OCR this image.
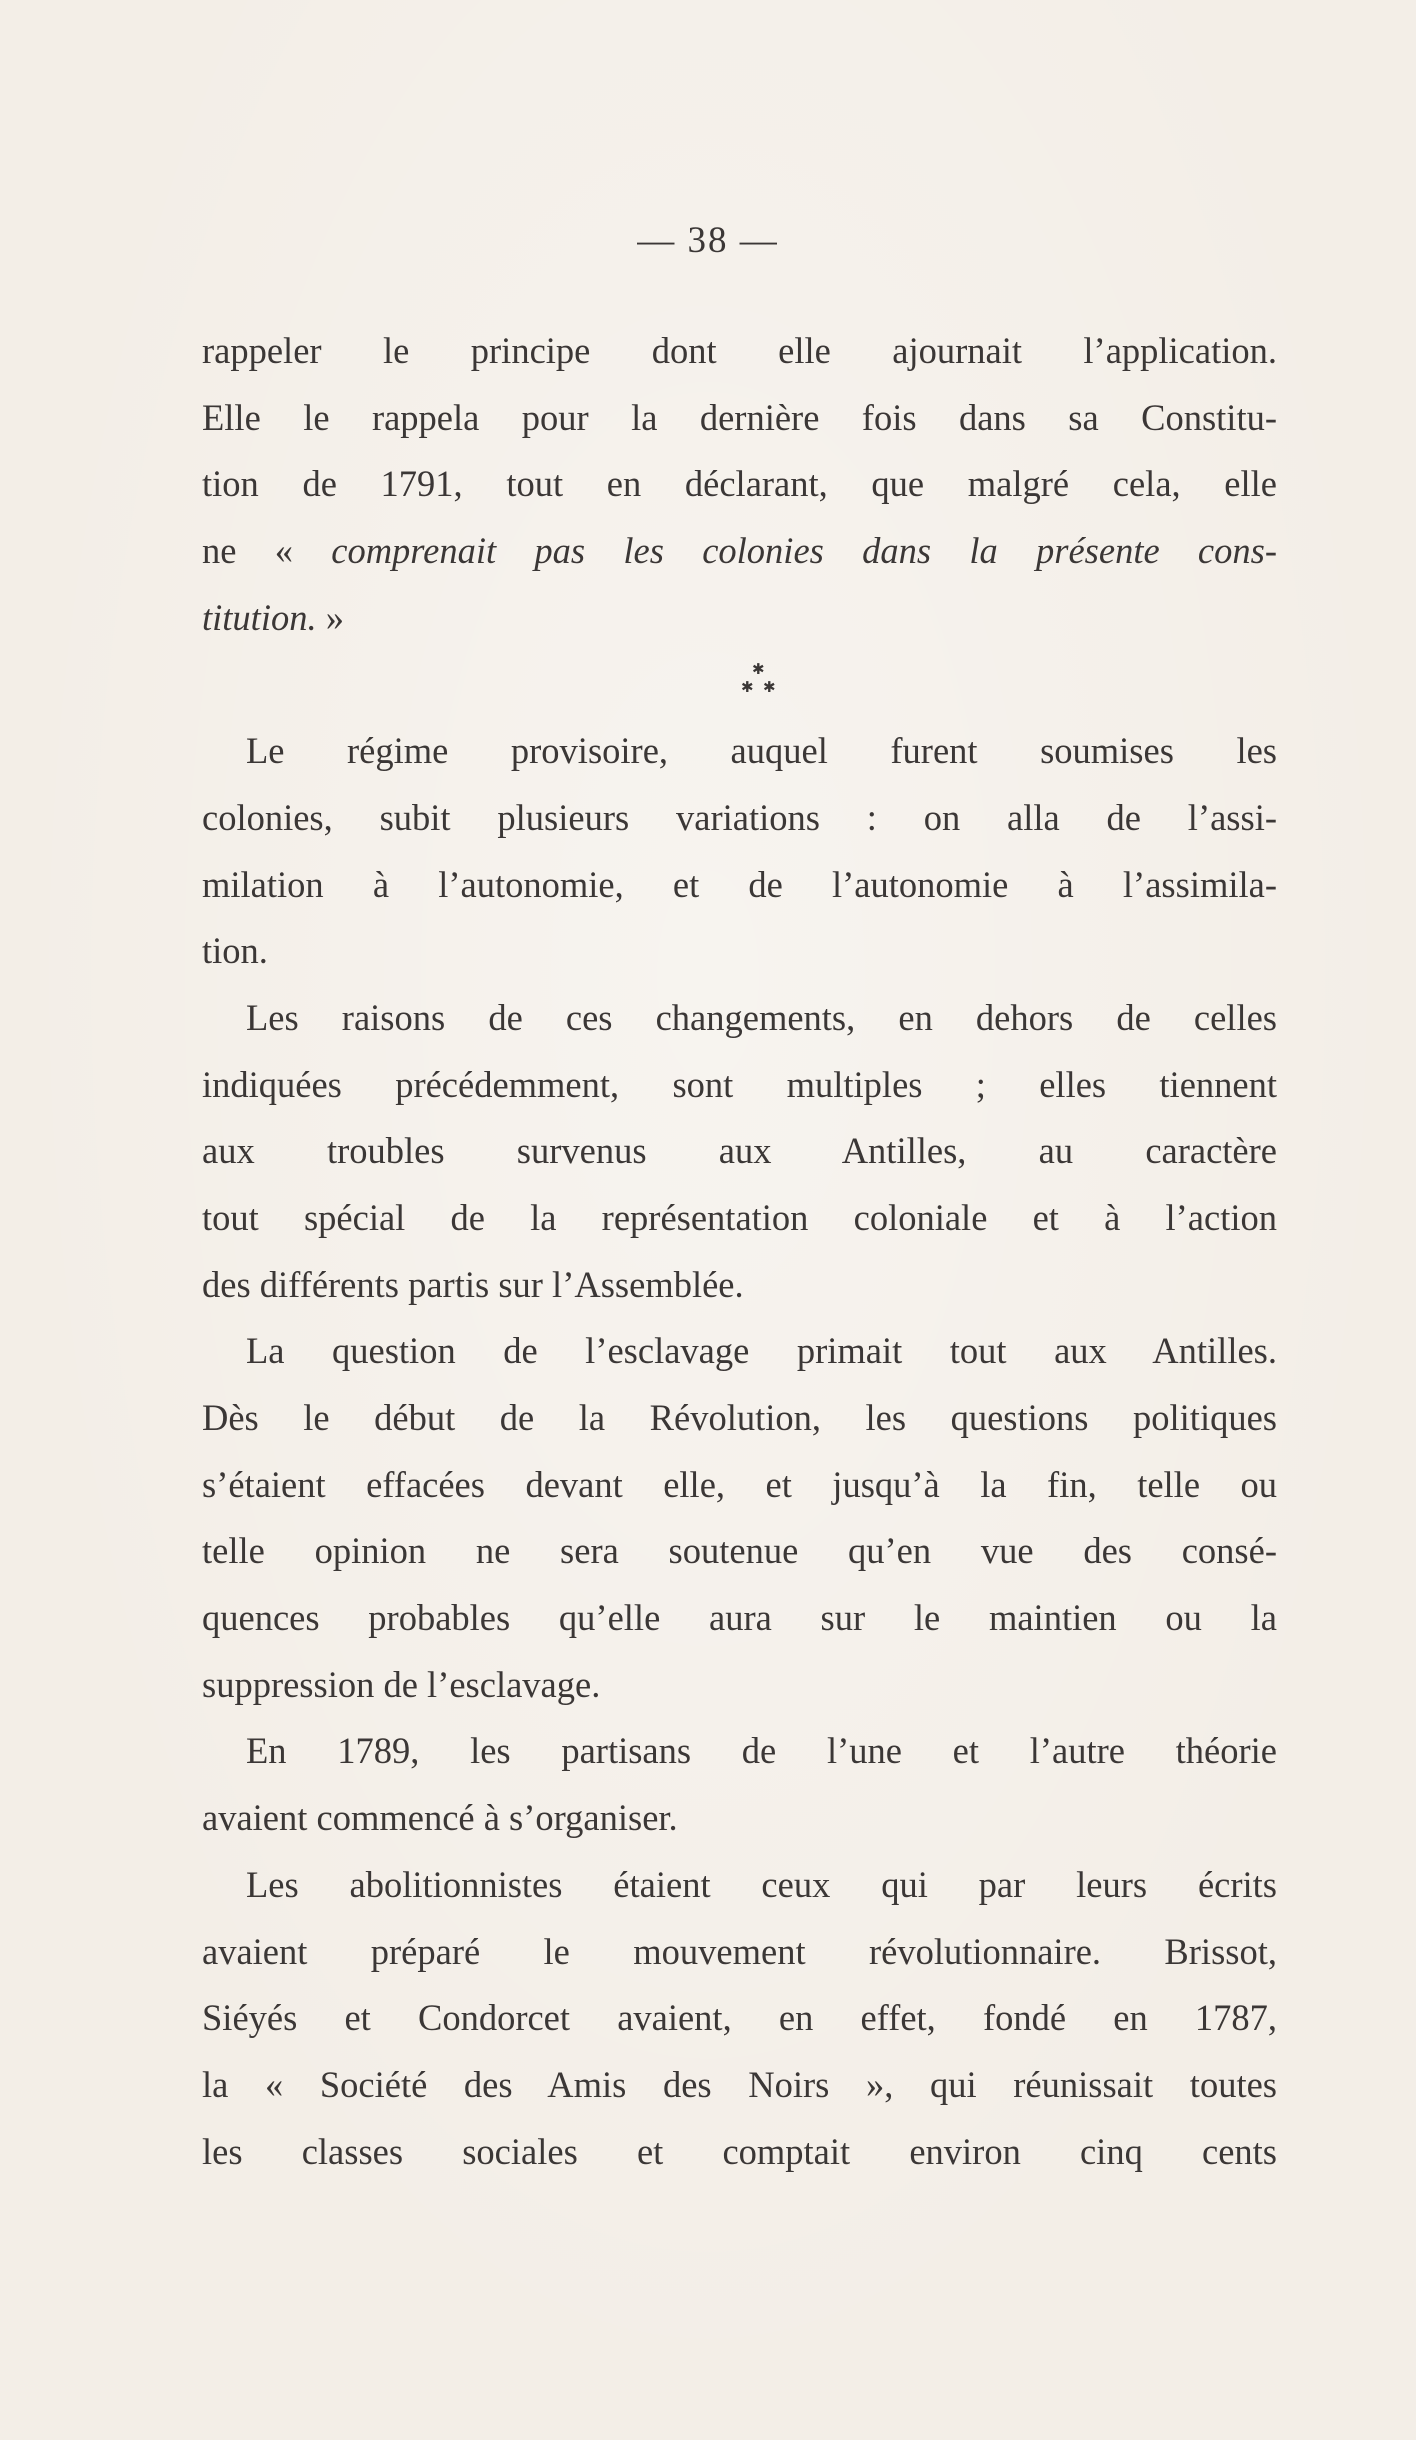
— 38 —
rappeler le principe dont elle ajournait l’application.
Elle le rappela pour la dernière fois dans sa Constitu-
tion de 1791, tout en déclarant, que malgré cela, elle
ne « comprenait pas les colonies dans la présente cons-
titution. »
✱
✱ ✱
Le régime provisoire, auquel furent soumises les
colonies, subit plusieurs variations : on alla de l’assi-
milation à l’autonomie, et de l’autonomie à l’assimila-
tion.
Les raisons de ces changements, en dehors de celles
indiquées précédemment, sont multiples ; elles tiennent
aux troubles survenus aux Antilles, au caractère
tout spécial de la représentation coloniale et à l’action
des différents partis sur l’Assemblée.
La question de l’esclavage primait tout aux Antilles.
Dès le début de la Révolution, les questions politiques
s’étaient effacées devant elle, et jusqu’à la fin, telle ou
telle opinion ne sera soutenue qu’en vue des consé-
quences probables qu’elle aura sur le maintien ou la
suppression de l’esclavage.
En 1789, les partisans de l’une et l’autre théorie
avaient commencé à s’organiser.
Les abolitionnistes étaient ceux qui par leurs écrits
avaient préparé le mouvement révolutionnaire. Brissot,
Siéyés et Condorcet avaient, en effet, fondé en 1787,
la « Société des Amis des Noirs », qui réunissait toutes
les classes sociales et comptait environ cinq cents
